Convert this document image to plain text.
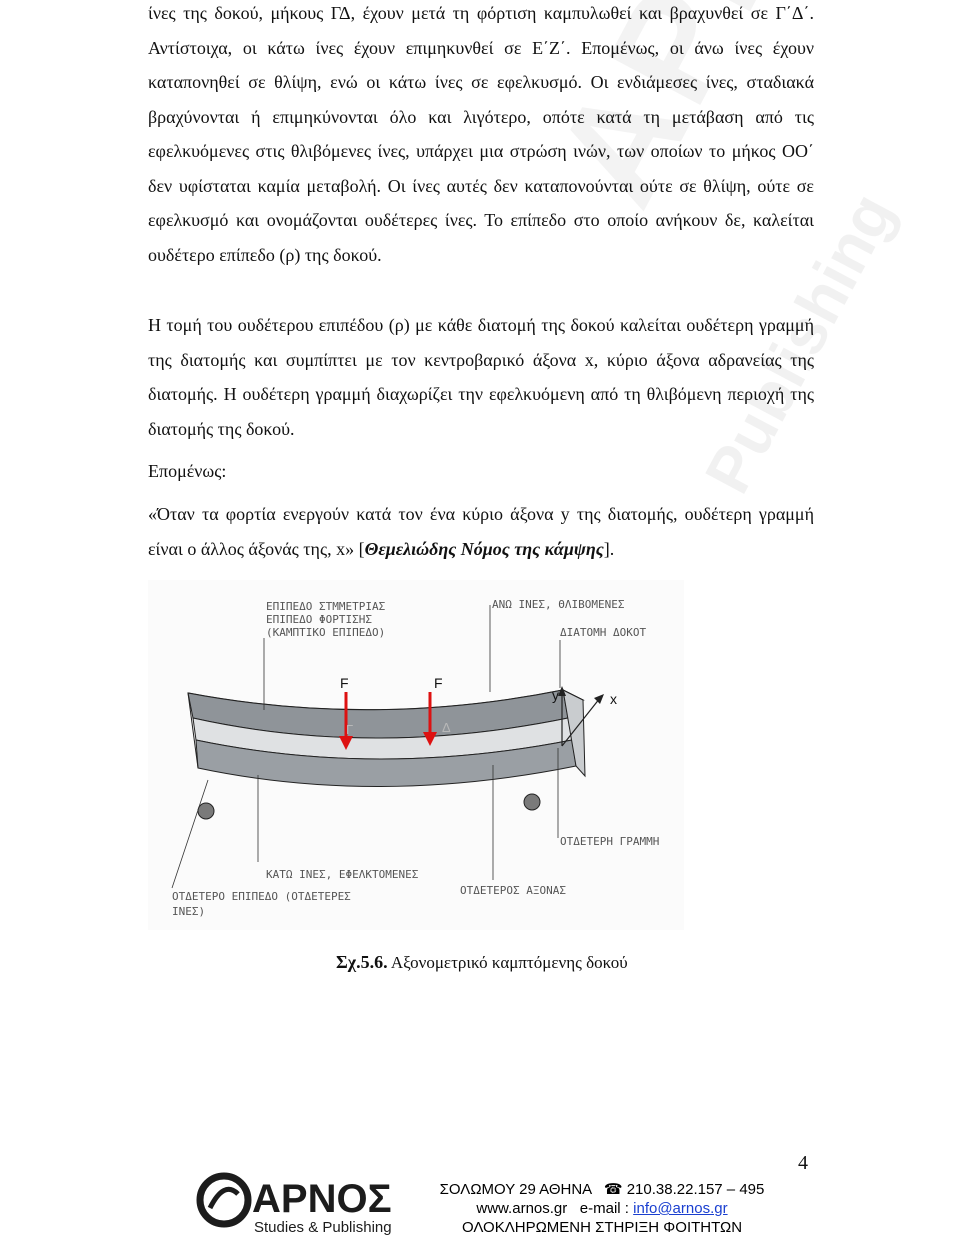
Publishing

ίνες της δοκού, μήκους ΓΔ, έχουν μετά τη φόρτιση καμπυλωθεί και βραχυνθεί σε Γ΄Δ΄. Αντίστοιχα, οι κάτω ίνες έχουν επιμηκυνθεί σε Ε΄Ζ΄. Επομένως, οι άνω ίνες έχουν καταπονηθεί σε θλίψη, ενώ οι κάτω ίνες σε εφελκυσμό. Οι ενδιάμεσες ίνες, σταδιακά βραχύνονται ή επιμηκύνονται όλο και λιγότερο, οπότε κατά τη μετάβαση από τις εφελκυόμενες στις θλιβόμενες ίνες, υπάρχει μια στρώση ινών, των οποίων το μήκος ΟΟ΄ δεν υφίσταται καμία μεταβολή. Οι ίνες αυτές δεν καταπονούνται ούτε σε θλίψη, ούτε σε εφελκυσμό και ονομάζονται ουδέτερες ίνες. Το επίπεδο στο οποίο ανήκουν δε, καλείται ουδέτερο επίπεδο (ρ) της δοκού.

Η τομή του ουδέτερου επιπέδου (ρ) με κάθε διατομή της δοκού καλείται ουδέτερη γραμμή της διατομής και συμπίπτει με τον κεντροβαρικό άξονα x, κύριο άξονα αδρανείας της διατομής. Η ουδέτερη γραμμή διαχωρίζει την εφελκυόμενη από τη θλιβόμενη περιοχή της διατομής της δοκού.

Επομένως:

«Όταν τα φορτία ενεργούν κατά τον ένα κύριο άξονα y της διατομής, ουδέτερη γραμμή είναι ο άλλος άξονάς της, x» [Θεμελιώδης Νόμος της κάμψης].

ΕΠΙΠΕΔΟ ΣΤΜΜΕΤΡΙΑΣ
ΕΠΙΠΕΔΟ ΦΟΡΤΙΣΗΣ
(ΚΑΜΠΤΙΚΟ ΕΠΙΠΕΔΟ)
ΑΝΩ ΙΝΕΣ, ΘΛΙΒΟΜΕΝΕΣ
ΔΙΑΤΟΜΗ ΔΟΚΟΤ
ΟΤΔΕΤΕΡΗ ΓΡΑΜΜΗ
ΚΑΤΩ ΙΝΕΣ, ΕΦΕΛΚΤΟΜΕΝΕΣ
ΟΤΔΕΤΕΡΟ ΕΠΙΠΕΔΟ (ΟΤΔΕΤΕΡΕΣ
ΙΝΕΣ)
ΟΤΔΕΤΕΡΟΣ ΑΞΟΝΑΣ
F	F
y	x
Γ	Δ
Σχ.5.6. Αξονομετρικό καμπτόμενης δοκού
4
ΑΡΝΟΣ
Studies & Publishing
ΣΟΛΩΜΟΥ 29 ΑΘΗΝΑ ☎ 210.38.22.157 – 495
www.arnos.gr e-mail : info@arnos.gr
ΟΛΟΚΛΗΡΩΜΕΝΗ ΣΤΗΡΙΞΗ ΦΟΙΤΗΤΩΝ
